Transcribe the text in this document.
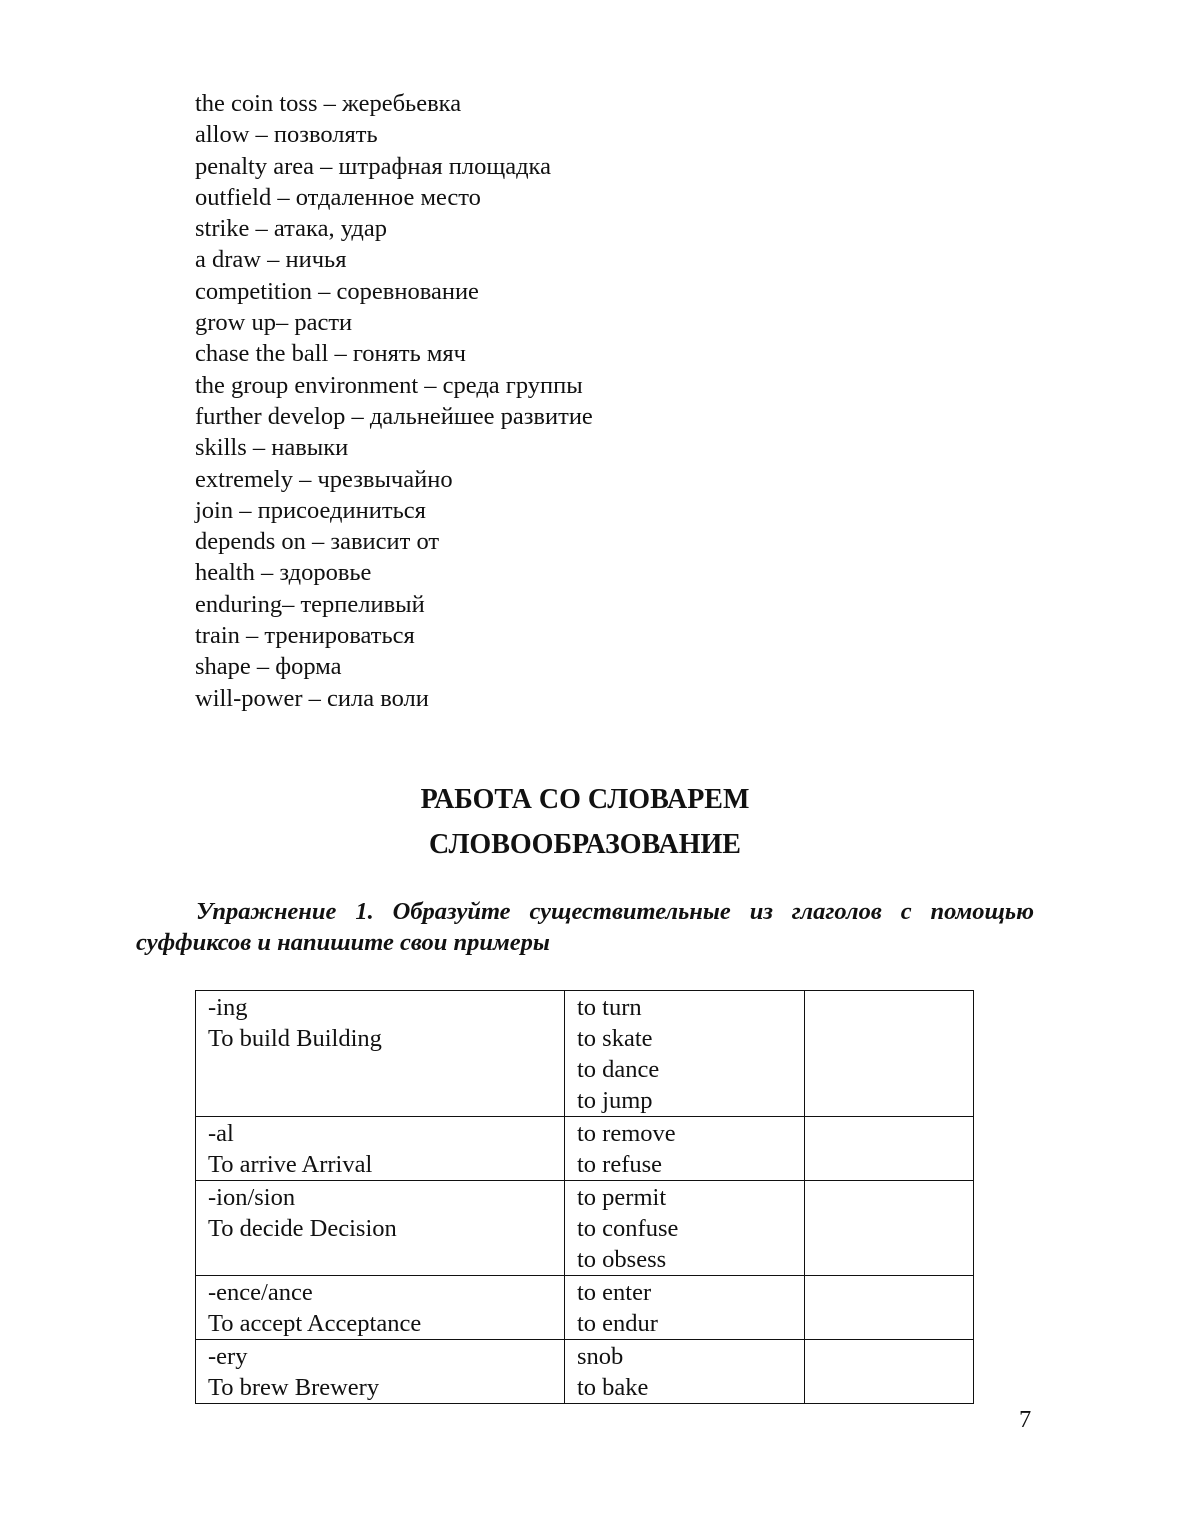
the coin toss – жеребьевка
allow – позволять
penalty area – штрафная площадка
outfield – отдаленное место
strike – атака, удар
a draw – ничья
competition – соревнование
grow up– расти
chase the ball – гонять мяч
the group environment – среда группы
further develop – дальнейшее развитие
skills – навыки
extremely – чрезвычайно
join – присоединиться
depends on – зависит от
health – здоровье
enduring– терпеливый
train – тренироваться
shape – форма
will-power – сила воли
РАБОТА СО СЛОВАРЕМ
СЛОВООБРАЗОВАНИЕ

Упражнение 1. Образуйте существительные из глаголов с помощью суффиксов и напишите свои примеры

-ing
To build Building	to turn
to skate
to dance
to jump	

-al
To arrive Arrival	to remove
to refuse	

-ion/sion
To decide Decision	to permit
to confuse
to obsess	

-ence/ance
To accept Acceptance	to enter
to endur	

-ery
To brew Brewery	snob
to bake	

7
